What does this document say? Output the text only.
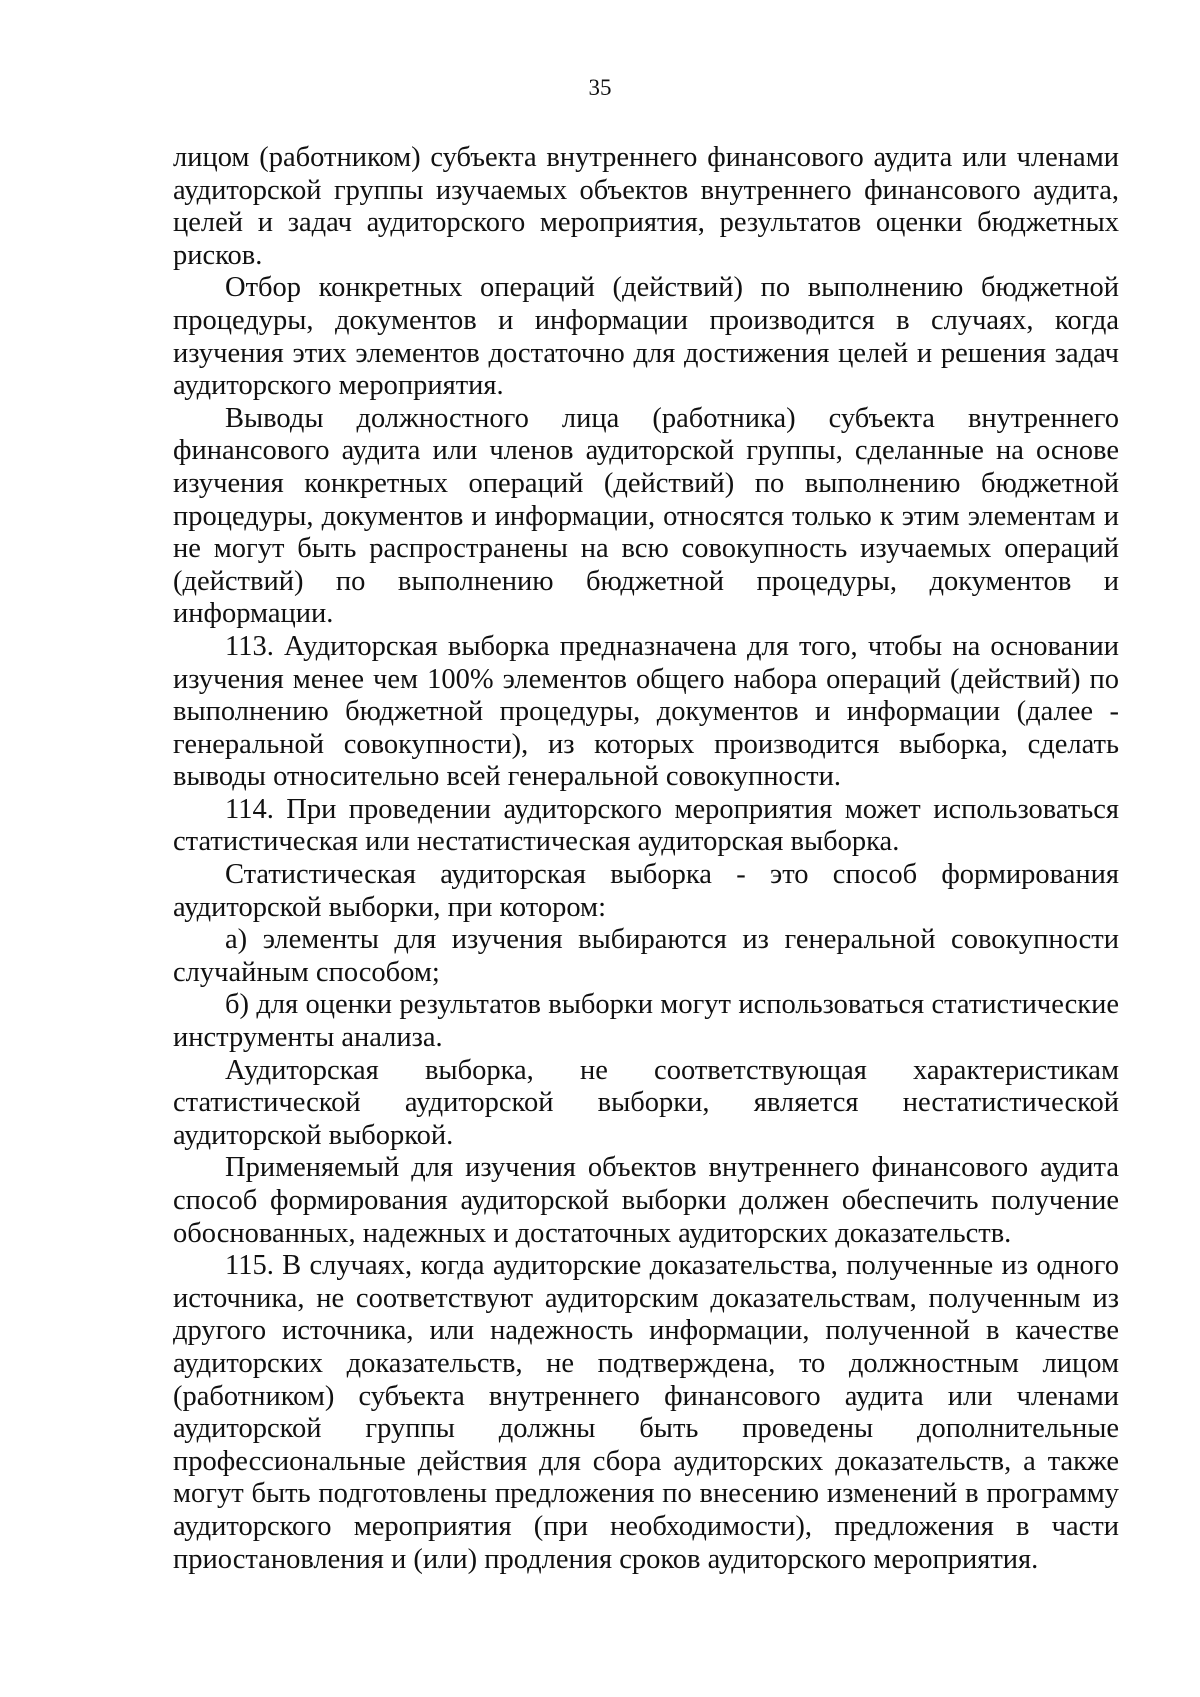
35

лицом (работником) субъекта внутреннего финансового аудита или членами аудиторской группы изучаемых объектов внутреннего финансового аудита, целей и задач аудиторского мероприятия, результатов оценки бюджетных рисков.

Отбор конкретных операций (действий) по выполнению бюджетной процедуры, документов и информации производится в случаях, когда изучения этих элементов достаточно для достижения целей и решения задач аудиторского мероприятия.

Выводы должностного лица (работника) субъекта внутреннего финансового аудита или членов аудиторской группы, сделанные на основе изучения конкретных операций (действий) по выполнению бюджетной процедуры, документов и информации, относятся только к этим элементам и не могут быть распространены на всю совокупность изучаемых операций (действий) по выполнению бюджетной процедуры, документов и информации.

113. Аудиторская выборка предназначена для того, чтобы на основании изучения менее чем 100% элементов общего набора операций (действий) по выполнению бюджетной процедуры, документов и информации (далее - генеральной совокупности), из которых производится выборка, сделать выводы относительно всей генеральной совокупности.

114. При проведении аудиторского мероприятия может использоваться статистическая или нестатистическая аудиторская выборка.

Статистическая аудиторская выборка - это способ формирования аудиторской выборки, при котором:

а) элементы для изучения выбираются из генеральной совокупности случайным способом;

б) для оценки результатов выборки могут использоваться статистические инструменты анализа.

Аудиторская выборка, не соответствующая характеристикам статистической аудиторской выборки, является нестатистической аудиторской выборкой.

Применяемый для изучения объектов внутреннего финансового аудита способ формирования аудиторской выборки должен обеспечить получение обоснованных, надежных и достаточных аудиторских доказательств.

115. В случаях, когда аудиторские доказательства, полученные из одного источника, не соответствуют аудиторским доказательствам, полученным из другого источника, или надежность информации, полученной в качестве аудиторских доказательств, не подтверждена, то должностным лицом (работником) субъекта внутреннего финансового аудита или членами аудиторской группы должны быть проведены дополнительные профессиональные действия для сбора аудиторских доказательств, а также могут быть подготовлены предложения по внесению изменений в программу аудиторского мероприятия (при необходимости), предложения в части приостановления и (или) продления сроков аудиторского мероприятия.
